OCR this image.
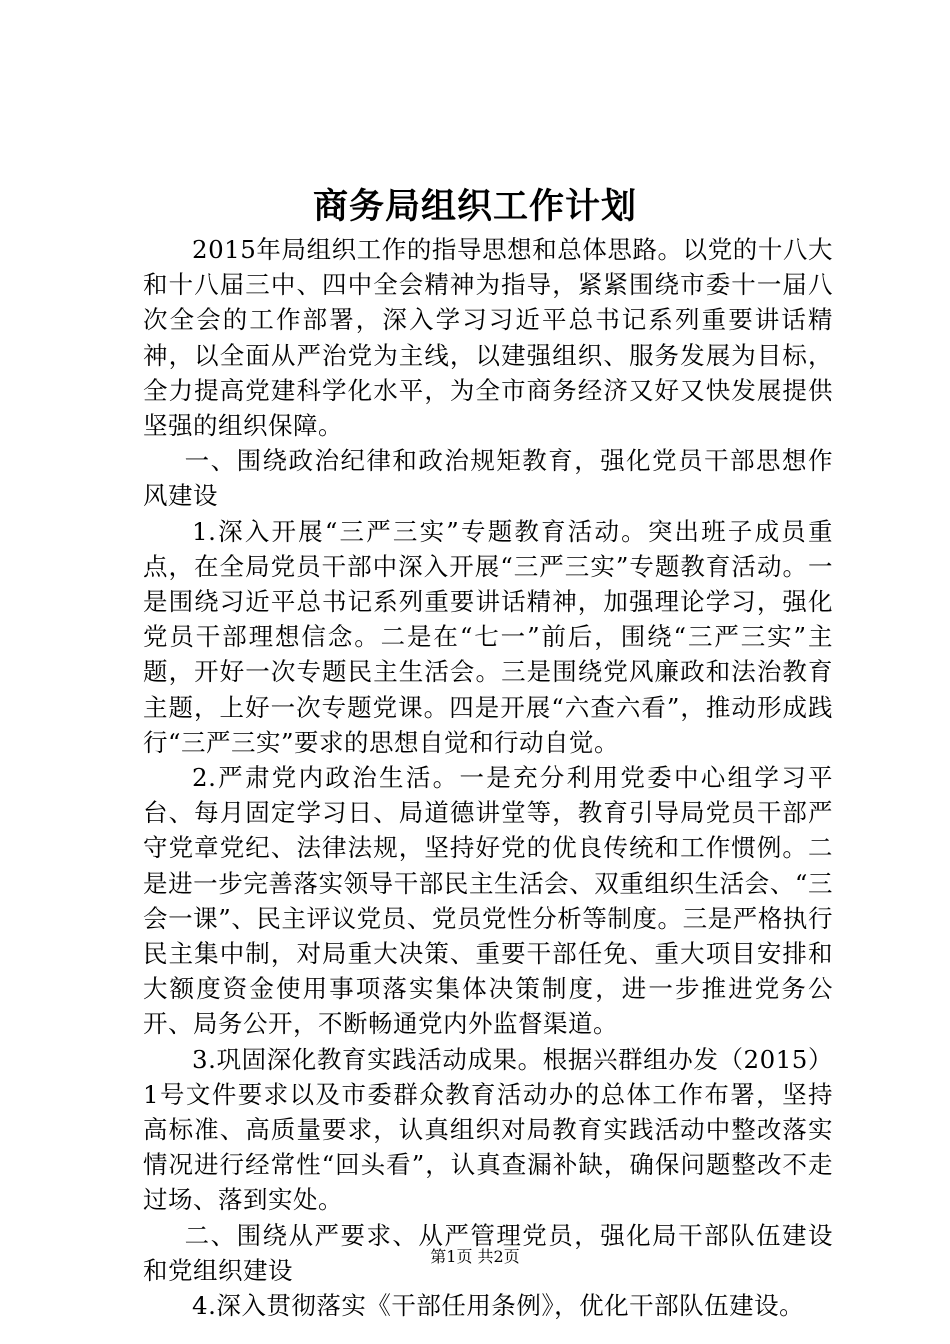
商务局组织工作计划

2015年局组织工作的指导思想和总体思路。以党的十八大和十八届三中、四中全会精神为指导，紧紧围绕市委十一届八次全会的工作部署，深入学习习近平总书记系列重要讲话精神，以全面从严治党为主线，以建强组织、服务发展为目标，全力提高党建科学化水平，为全市商务经济又好又快发展提供坚强的组织保障。

一、围绕政治纪律和政治规矩教育，强化党员干部思想作风建设

1.深入开展“三严三实”专题教育活动。突出班子成员重点，在全局党员干部中深入开展“三严三实”专题教育活动。一是围绕习近平总书记系列重要讲话精神，加强理论学习，强化党员干部理想信念。二是在“七一”前后，围绕“三严三实”主题，开好一次专题民主生活会。三是围绕党风廉政和法治教育主题，上好一次专题党课。四是开展“六查六看”，推动形成践行“三严三实”要求的思想自觉和行动自觉。

2.严肃党内政治生活。一是充分利用党委中心组学习平台、每月固定学习日、局道德讲堂等，教育引导局党员干部严守党章党纪、法律法规，坚持好党的优良传统和工作惯例。二是进一步完善落实领导干部民主生活会、双重组织生活会、“三会一课”、民主评议党员、党员党性分析等制度。三是严格执行民主集中制，对局重大决策、重要干部任免、重大项目安排和大额度资金使用事项落实集体决策制度，进一步推进党务公开、局务公开，不断畅通党内外监督渠道。

3.巩固深化教育实践活动成果。根据兴群组办发（2015）1号文件要求以及市委群众教育活动办的总体工作布署，坚持高标准、高质量要求，认真组织对局教育实践活动中整改落实情况进行经常性“回头看”，认真查漏补缺，确保问题整改不走过场、落到实处。

二、围绕从严要求、从严管理党员，强化局干部队伍建设和党组织建设

4.深入贯彻落实《干部任用条例》，优化干部队伍建设。

第1页 共2页
